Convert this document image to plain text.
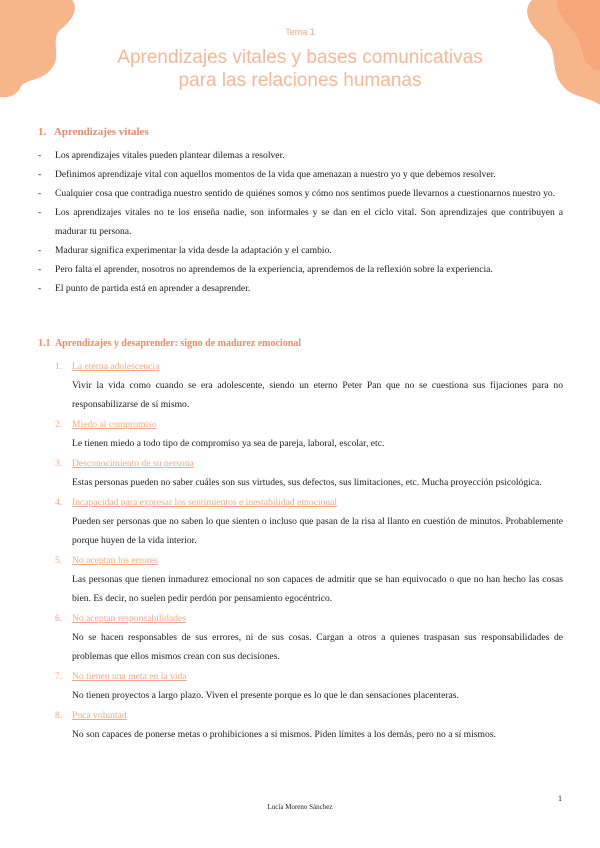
Tema 1
Aprendizajes vitales y bases comunicativas
para las relaciones humanas
1.   Aprendizajes vitales
- Los aprendizajes vitales pueden plantear dilemas a resolver.
- Definimos aprendizaje vital con aquellos momentos de la vida que amenazan a nuestro yo y que debemos resolver.
- Cualquier cosa que contradiga nuestro sentido de quiénes somos y cómo nos sentimos puede llevarnos a cuestionarnos nuestro yo.
- Los aprendizajes vitales no te los enseña nadie, son informales y se dan en el ciclo vital. Son aprendizajes que contribuyen a madurar tu persona.
- Madurar significa experimentar la vida desde la adaptación y el cambio.
- Pero falta el aprender, nosotros no aprendemos de la experiencia, aprendemos de la reflexión sobre la experiencia.
- El punto de partida está en aprender a desaprender.
1.1  Aprendizajes y desaprender: signo de madurez emocional
1. La eterna adolescencia
Vivir la vida como cuando se era adolescente, siendo un eterno Peter Pan que no se cuestiona sus fijaciones para no responsabilizarse de sí mismo.
2. Miedo al compromiso
Le tienen miedo a todo tipo de compromiso ya sea de pareja, laboral, escolar, etc.
3. Desconocimiento de su persona
Estas personas pueden no saber cuáles son sus virtudes, sus defectos, sus limitaciones, etc. Mucha proyección psicológica.
4. Incapacidad para expresar los sentimientos e inestabilidad emocional
Pueden ser personas que no saben lo que sienten o incluso que pasan de la risa al llanto en cuestión de minutos. Probablemente porque huyen de la vida interior.
5. No aceptan los errores
Las personas que tienen inmadurez emocional no son capaces de admitir que se han equivocado o que no han hecho las cosas bien. Es decir, no suelen pedir perdón por pensamiento egocéntrico.
6. No aceptan responsabilidades
No se hacen responsables de sus errores, ni de sus cosas. Cargan a otros a quienes traspasan sus responsabilidades de problemas que ellos mismos crean con sus decisiones.
7. No tienen una meta en la vida
No tienen proyectos a largo plazo. Viven el presente porque es lo que le dan sensaciones placenteras.
8. Poca voluntad
No son capaces de ponerse metas o prohibiciones a sí mismos. Piden límites a los demás, pero no a sí mismos.
1
Lucía Moreno Sánchez
